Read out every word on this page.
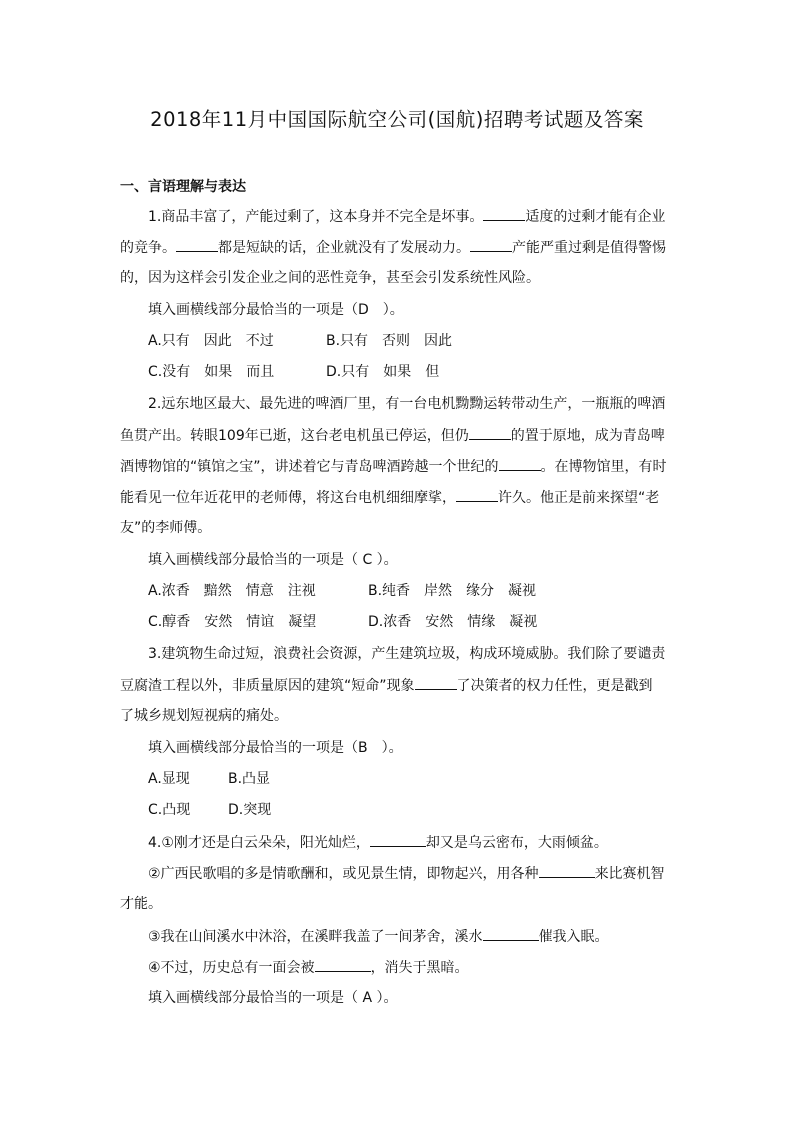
2018年11月中国国际航空公司(国航)招聘考试题及答案
一、言语理解与表达
1.商品丰富了，产能过剩了，这本身并不完全是坏事。	适度的过剩才能有企业
的竞争。	都是短缺的话，企业就没有了发展动力。	产能严重过剩是值得警惕
的，因为这样会引发企业之间的恶性竞争，甚至会引发系统性风险。
填入画横线部分最恰当的一项是（D　）。
A.只有　因此　不过	B.只有　否则　因此
C.没有　如果　而且	D.只有　如果　但
2.远东地区最大、最先进的啤酒厂里，有一台电机黝黝运转带动生产，一瓶瓶的啤酒
鱼贯产出。转眼109年已逝，这台老电机虽已停运，但仍	的置于原地，成为青岛啤
酒博物馆的“镇馆之宝”，讲述着它与青岛啤酒跨越一个世纪的	。在博物馆里，有时
能看见一位年近花甲的老师傅，将这台电机细细摩挲，	许久。他正是前来探望“老
友”的李师傅。
填入画横线部分最恰当的一项是（ C ）。
A.浓香　黯然　情意　注视	B.纯香　岸然　缘分　凝视
C.醇香　安然　情谊　凝望	D.浓香　安然　情缘　凝视
3.建筑物生命过短，浪费社会资源，产生建筑垃圾，构成环境威胁。我们除了要谴责
豆腐渣工程以外，非质量原因的建筑“短命”现象	了决策者的权力任性，更是戳到
了城乡规划短视病的痛处。
填入画横线部分最恰当的一项是（B　）。
A.显现	B.凸显
C.凸现	D.突现
4.①刚才还是白云朵朵，阳光灿烂，	却又是乌云密布，大雨倾盆。
②广西民歌唱的多是情歌酬和，或见景生情，即物起兴，用各种	来比赛机智
才能。
③我在山间溪水中沐浴，在溪畔我盖了一间茅舍，溪水	催我入眠。
④不过，历史总有一面会被	，消失于黑暗。
填入画横线部分最恰当的一项是（ A ）。
